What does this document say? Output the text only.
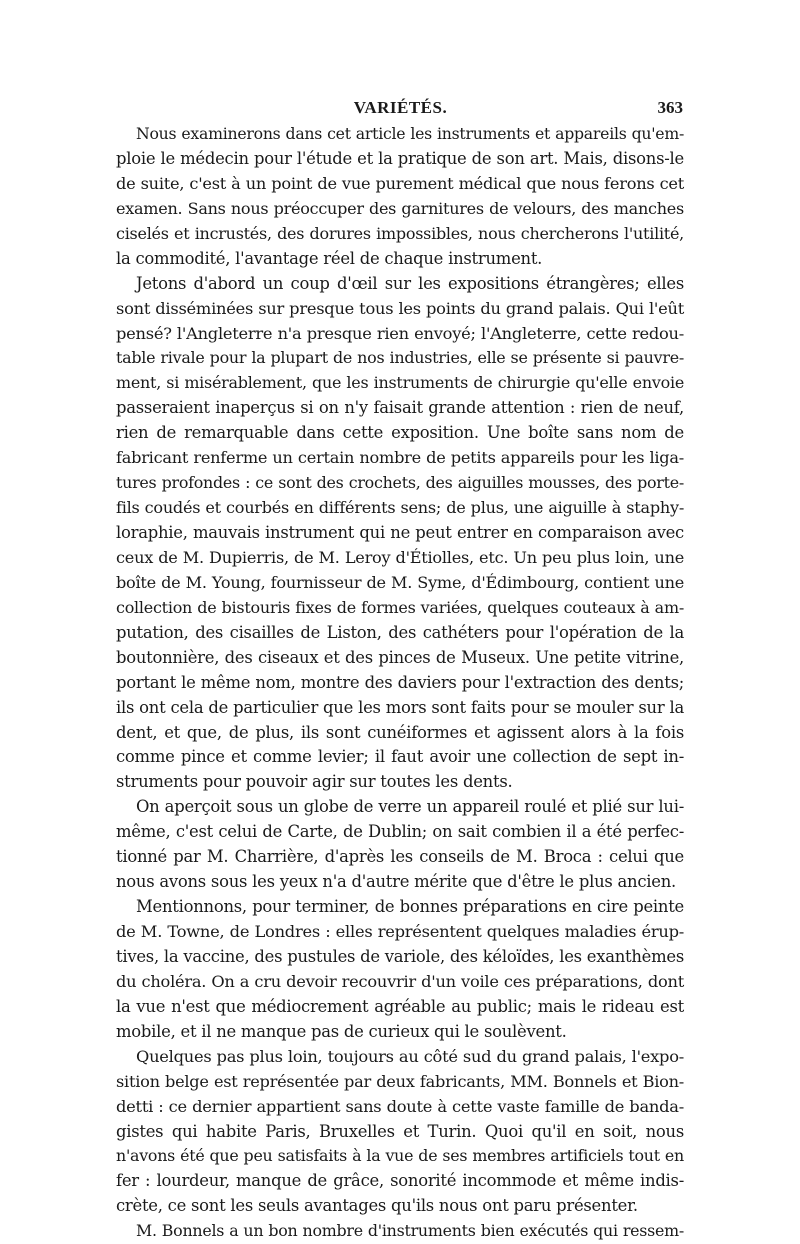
VARIÉTÉS.	363
Nous examinerons dans cet article les instruments et appareils qu'em-
ploie le médecin pour l'étude et la pratique de son art. Mais, disons-le
de suite, c'est à un point de vue purement médical que nous ferons cet
examen. Sans nous préoccuper des garnitures de velours, des manches
ciselés et incrustés, des dorures impossibles, nous chercherons l'utilité,
la commodité, l'avantage réel de chaque instrument.
Jetons d'abord un coup d'œil sur les expositions étrangères; elles
sont disséminées sur presque tous les points du grand palais. Qui l'eût
pensé? l'Angleterre n'a presque rien envoyé; l'Angleterre, cette redou-
table rivale pour la plupart de nos industries, elle se présente si pauvre-
ment, si misérablement, que les instruments de chirurgie qu'elle envoie
passeraient inaperçus si on n'y faisait grande attention : rien de neuf,
rien de remarquable dans cette exposition. Une boîte sans nom de
fabricant renferme un certain nombre de petits appareils pour les liga-
tures profondes : ce sont des crochets, des aiguilles mousses, des porte-
fils coudés et courbés en différents sens; de plus, une aiguille à staphy-
loraphie, mauvais instrument qui ne peut entrer en comparaison avec
ceux de M. Dupierris, de M. Leroy d'Étiolles, etc. Un peu plus loin, une
boîte de M. Young, fournisseur de M. Syme, d'Édimbourg, contient une
collection de bistouris fixes de formes variées, quelques couteaux à am-
putation, des cisailles de Liston, des cathéters pour l'opération de la
boutonnière, des ciseaux et des pinces de Museux. Une petite vitrine,
portant le même nom, montre des daviers pour l'extraction des dents;
ils ont cela de particulier que les mors sont faits pour se mouler sur la
dent, et que, de plus, ils sont cunéiformes et agissent alors à la fois
comme pince et comme levier; il faut avoir une collection de sept in-
struments pour pouvoir agir sur toutes les dents.
On aperçoit sous un globe de verre un appareil roulé et plié sur lui-
même, c'est celui de Carte, de Dublin; on sait combien il a été perfec-
tionné par M. Charrière, d'après les conseils de M. Broca : celui que
nous avons sous les yeux n'a d'autre mérite que d'être le plus ancien.
Mentionnons, pour terminer, de bonnes préparations en cire peinte
de M. Towne, de Londres : elles représentent quelques maladies érup-
tives, la vaccine, des pustules de variole, des kéloïdes, les exanthèmes
du choléra. On a cru devoir recouvrir d'un voile ces préparations, dont
la vue n'est que médiocrement agréable au public; mais le rideau est
mobile, et il ne manque pas de curieux qui le soulèvent.
Quelques pas plus loin, toujours au côté sud du grand palais, l'expo-
sition belge est représentée par deux fabricants, MM. Bonnels et Bion-
detti : ce dernier appartient sans doute à cette vaste famille de banda-
gistes qui habite Paris, Bruxelles et Turin. Quoi qu'il en soit, nous
n'avons été que peu satisfaits à la vue de ses membres artificiels tout en
fer : lourdeur, manque de grâce, sonorité incommode et même indis-
crète, ce sont les seuls avantages qu'ils nous ont paru présenter.
M. Bonnels a un bon nombre d'instruments bien exécutés qui ressem-
